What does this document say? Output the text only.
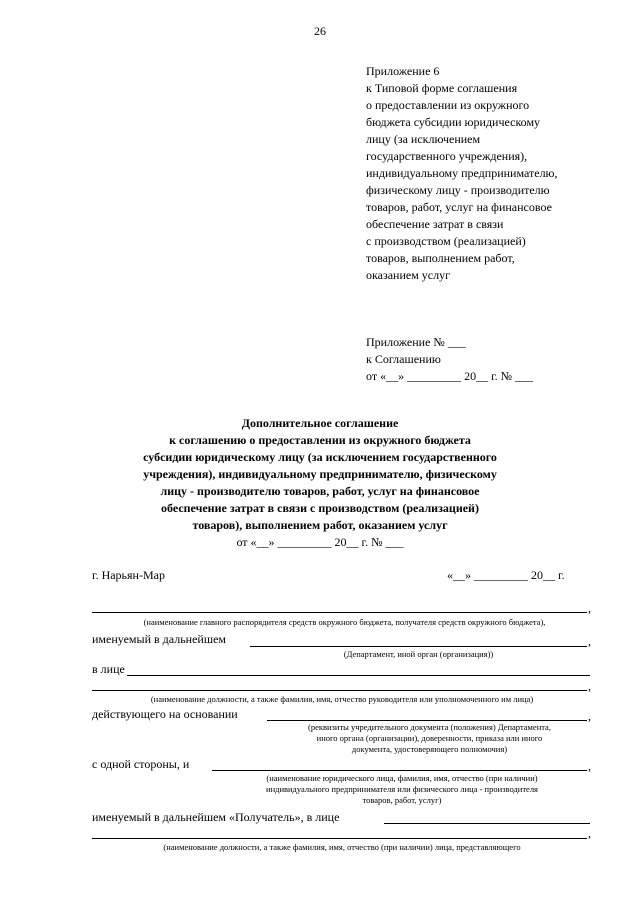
26
Приложение 6
к Типовой форме соглашения
о предоставлении из окружного
бюджета субсидии юридическому
лицу (за исключением
государственного учреждения),
индивидуальному предпринимателю,
физическому лицу - производителю
товаров, работ, услуг на финансовое
обеспечение затрат в связи
с производством (реализацией)
товаров, выполнением работ,
оказанием услуг
Приложение № ___
к Соглашению
от «__» _________ 20__ г. № ___
Дополнительное соглашение
к соглашению о предоставлении из окружного бюджета
субсидии юридическому лицу (за исключением государственного
учреждения), индивидуальному предпринимателю, физическому
лицу - производителю товаров, работ, услуг на финансовое
обеспечение затрат в связи с производством (реализацией)
товаров), выполнением работ, оказанием услуг
от «__» _________ 20__ г. № ___
г. Нарьян-Мар	«__» _________ 20__ г.
,
(наименование главного распорядителя средств окружного бюджета, получателя средств окружного бюджета),
именуемый в дальнейшем	,
(Департамент, иной орган (организация))
в лице
,
(наименование должности, а также фамилия, имя, отчество руководителя или уполномоченного им лица)
действующего на основании	,
(реквизиты учредительного документа (положения) Департамента,
иного органа (организации), доверенности, приказа или иного
документа, удостоверяющего полномочия)
с одной стороны, и	,
(наименование юридического лица, фамилия, имя, отчество (при наличии)
индивидуального предпринимателя или физического лица - производителя
товаров, работ, услуг)
именуемый в дальнейшем «Получатель», в лице
,
(наименование должности, а также фамилия, имя, отчество (при наличии) лица, представляющего
